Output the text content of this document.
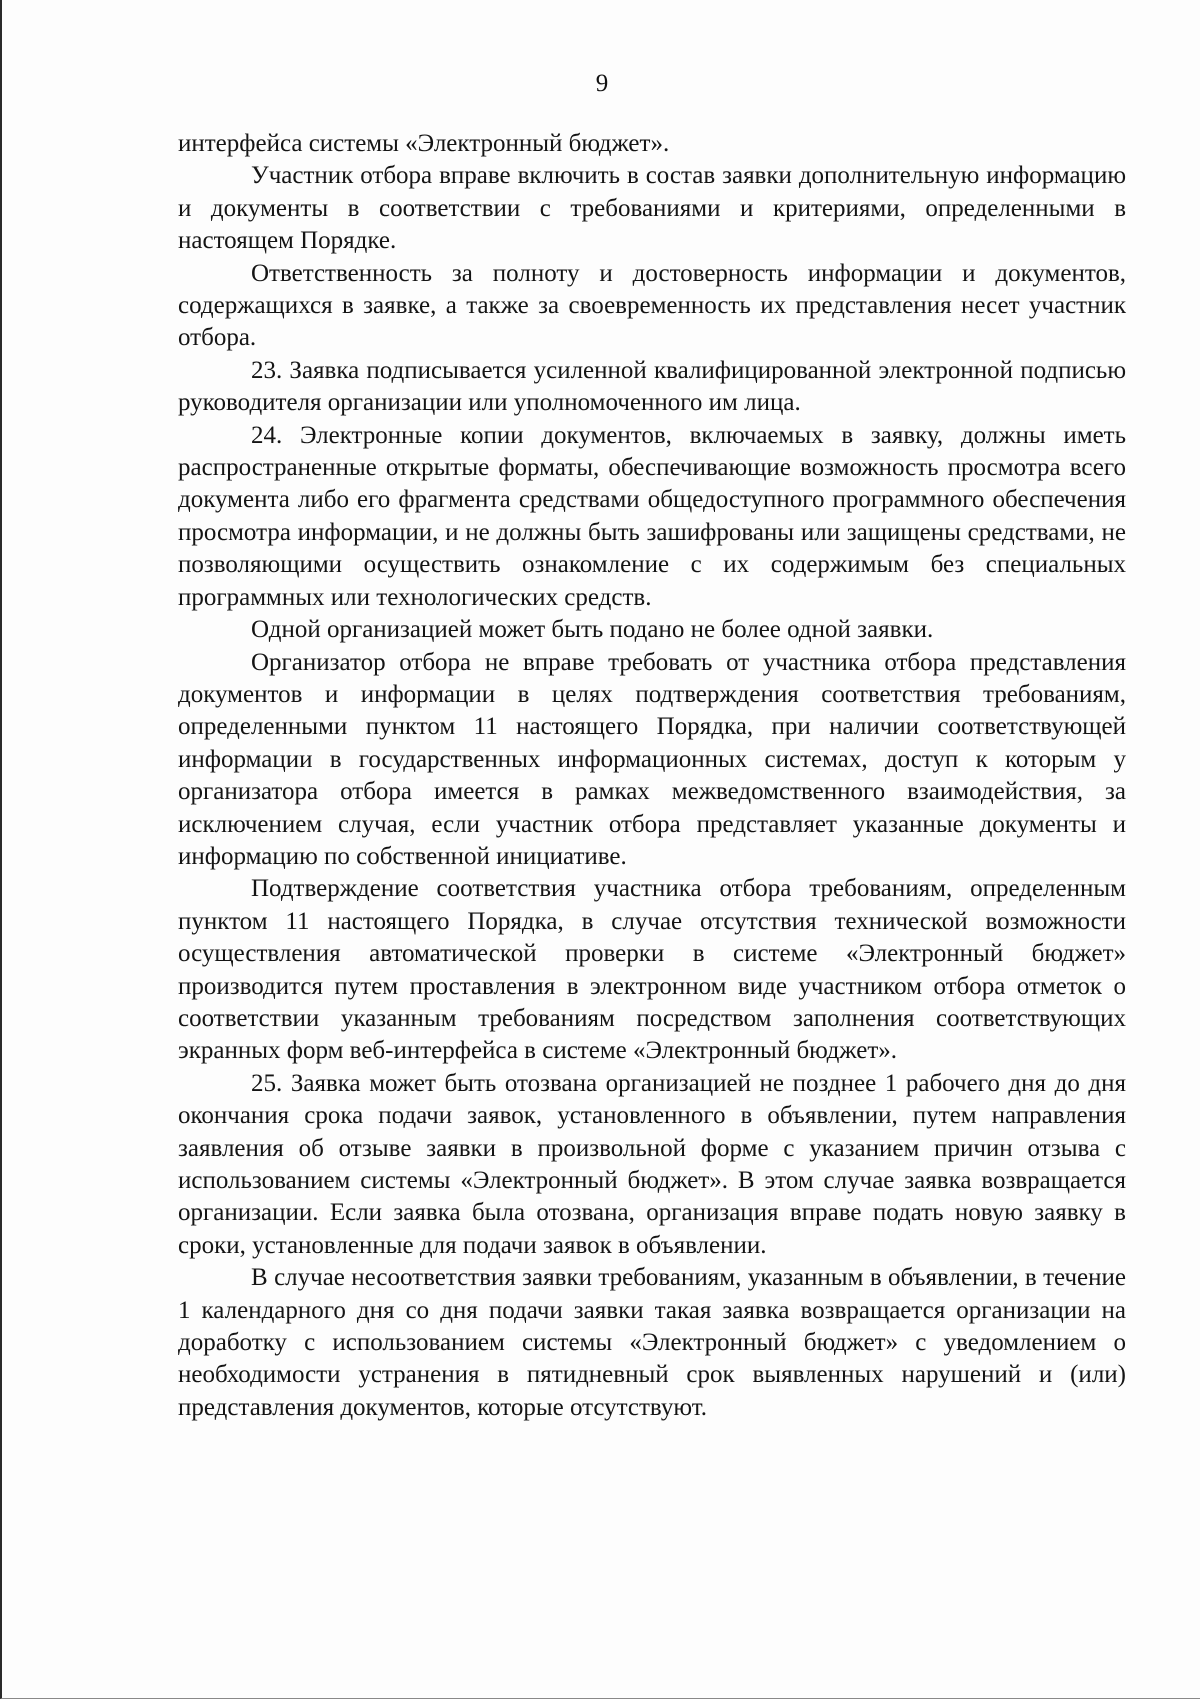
9

интерфейса системы «Электронный бюджет».

Участник отбора вправе включить в состав заявки дополнительную информацию и документы в соответствии с требованиями и критериями, определенными в настоящем Порядке.

Ответственность за полноту и достоверность информации и документов, содержащихся в заявке, а также за своевременность их представления несет участник отбора.

23. Заявка подписывается усиленной квалифицированной электронной подписью руководителя организации или уполномоченного им лица.

24. Электронные копии документов, включаемых в заявку, должны иметь распространенные открытые форматы, обеспечивающие возможность просмотра всего документа либо его фрагмента средствами общедоступного программного обеспечения просмотра информации, и не должны быть зашифрованы или защищены средствами, не позволяющими осуществить ознакомление с их содержимым без специальных программных или технологических средств.

Одной организацией может быть подано не более одной заявки.

Организатор отбора не вправе требовать от участника отбора представления документов и информации в целях подтверждения соответствия требованиям, определенными пунктом 11 настоящего Порядка, при наличии соответствующей информации в государственных информационных системах, доступ к которым у организатора отбора имеется в рамках межведомственного взаимодействия, за исключением случая, если участник отбора представляет указанные документы и информацию по собственной инициативе.

Подтверждение соответствия участника отбора требованиям, определенным пунктом 11 настоящего Порядка, в случае отсутствия технической возможности осуществления автоматической проверки в системе «Электронный бюджет» производится путем проставления в электронном виде участником отбора отметок о соответствии указанным требованиям посредством заполнения соответствующих экранных форм веб-интерфейса в системе «Электронный бюджет».

25. Заявка может быть отозвана организацией не позднее 1 рабочего дня до дня окончания срока подачи заявок, установленного в объявлении, путем направления заявления об отзыве заявки в произвольной форме с указанием причин отзыва с использованием системы «Электронный бюджет». В этом случае заявка возвращается организации. Если заявка была отозвана, организация вправе подать новую заявку в сроки, установленные для подачи заявок в объявлении.

В случае несоответствия заявки требованиям, указанным в объявлении, в течение 1 календарного дня со дня подачи заявки такая заявка возвращается организации на доработку с использованием системы «Электронный бюджет» с уведомлением о необходимости устранения в пятидневный срок выявленных нарушений и (или) представления документов, которые отсутствуют.
